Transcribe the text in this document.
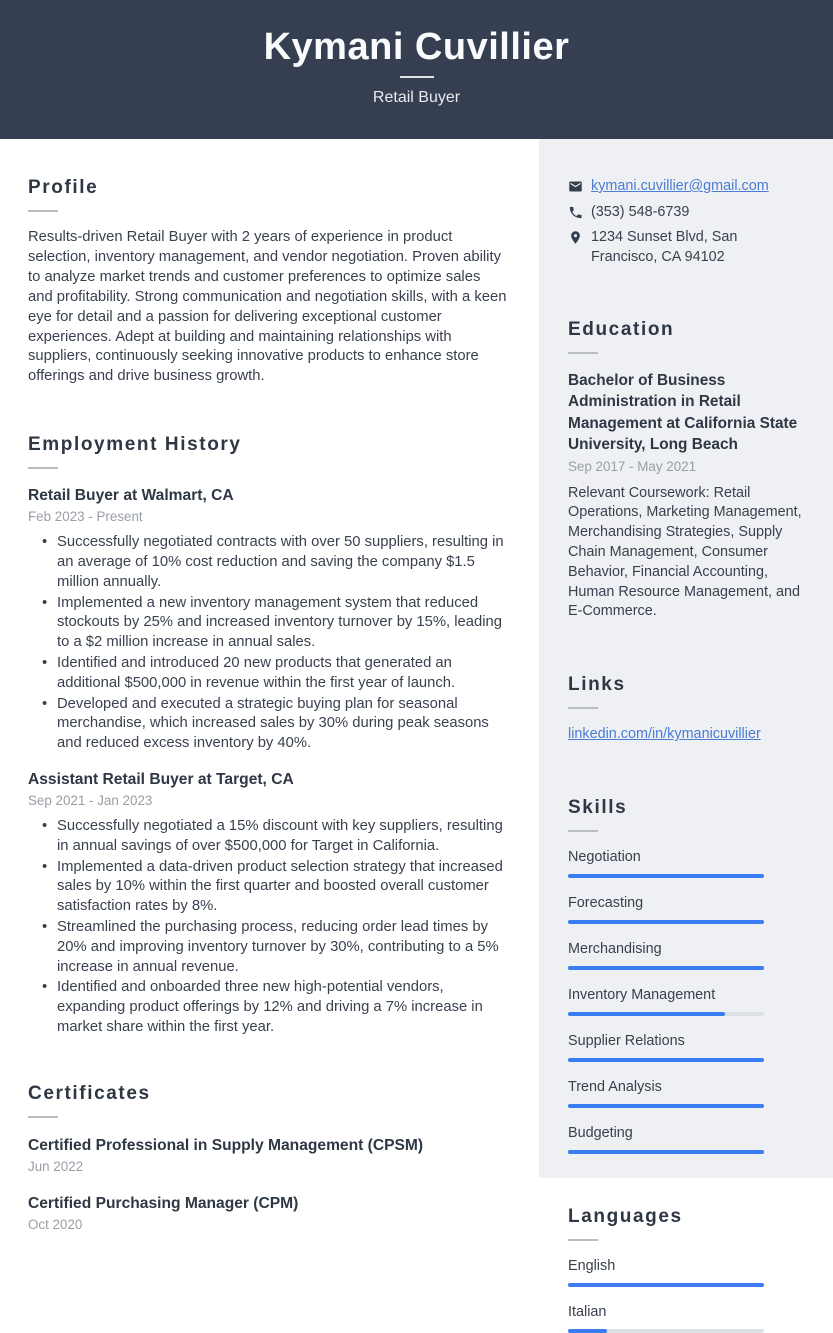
Kymani Cuvillier
Retail Buyer
Profile

Results-driven Retail Buyer with 2 years of experience in product selection, inventory management, and vendor negotiation. Proven ability to analyze market trends and customer preferences to optimize sales and profitability. Strong communication and negotiation skills, with a keen eye for detail and a passion for delivering exceptional customer experiences. Adept at building and maintaining relationships with suppliers, continuously seeking innovative products to enhance store offerings and drive business growth.

Employment History
Retail Buyer at Walmart, CA
Feb 2023 - Present
• Successfully negotiated contracts with over 50 suppliers, resulting in an average of 10% cost reduction and saving the company $1.5 million annually.
• Implemented a new inventory management system that reduced stockouts by 25% and increased inventory turnover by 15%, leading to a $2 million increase in annual sales.
• Identified and introduced 20 new products that generated an additional $500,000 in revenue within the first year of launch.
• Developed and executed a strategic buying plan for seasonal merchandise, which increased sales by 30% during peak seasons and reduced excess inventory by 40%.
Assistant Retail Buyer at Target, CA
Sep 2021 - Jan 2023
• Successfully negotiated a 15% discount with key suppliers, resulting in annual savings of over $500,000 for Target in California.
• Implemented a data-driven product selection strategy that increased sales by 10% within the first quarter and boosted overall customer satisfaction rates by 8%.
• Streamlined the purchasing process, reducing order lead times by 20% and improving inventory turnover by 30%, contributing to a 5% increase in annual revenue.
• Identified and onboarded three new high-potential vendors, expanding product offerings by 12% and driving a 7% increase in market share within the first year.
Certificates
Certified Professional in Supply Management (CPSM)
Jun 2022
Certified Purchasing Manager (CPM)
Oct 2020
kymani.cuvillier@gmail.com
(353) 548-6739
1234 Sunset Blvd, San Francisco, CA 94102
Education
Bachelor of Business Administration in Retail Management at California State University, Long Beach
Sep 2017 - May 2021
Relevant Coursework: Retail Operations, Marketing Management, Merchandising Strategies, Supply Chain Management, Consumer Behavior, Financial Accounting, Human Resource Management, and E-Commerce.
Links
linkedin.com/in/kymanicuvillier
Skills
Negotiation
Forecasting
Merchandising
Inventory Management
Supplier Relations
Trend Analysis
Budgeting
Languages
English
Italian
